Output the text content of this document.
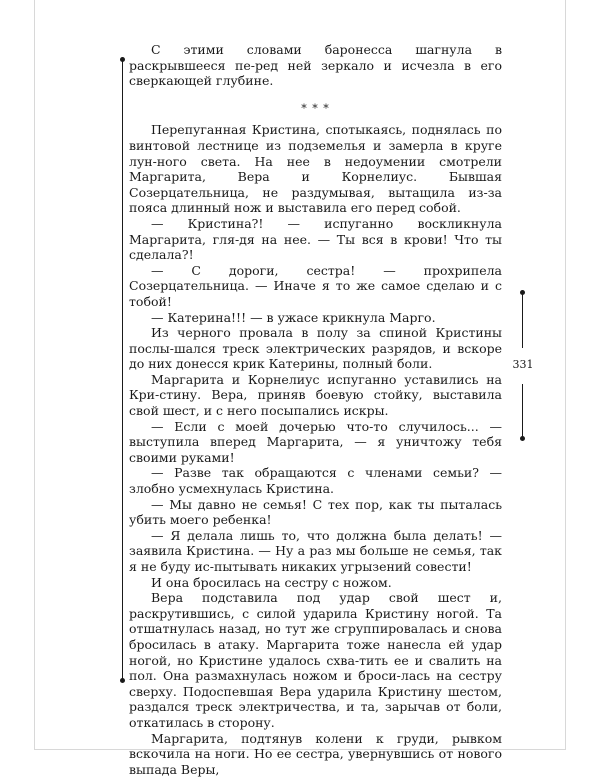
331

С этими словами баронесса шагнула в раскрывшееся пе-ред ней зеркало и исчезла в его сверкающей глубине.

* * *

Перепуганная Кристина, спотыкаясь, поднялась по винтовой лестнице из подземелья и замерла в круге лун-ного света. На нее в недоумении смотрели Маргарита, Вера и Корнелиус. Бывшая Созерцательница, не раздумывая, вытащила из-за пояса длинный нож и выставила его перед собой.

— Кристина?! — испуганно воскликнула Маргарита, гля-дя на нее. — Ты вся в крови! Что ты сделала?!

— С дороги, сестра! — прохрипела Созерцательница. — Иначе я то же самое сделаю и с тобой!

— Катерина!!! — в ужасе крикнула Марго.

Из черного провала в полу за спиной Кристины послы-шался треск электрических разрядов, и вскоре до них донесся крик Катерины, полный боли.

Маргарита и Корнелиус испуганно уставились на Кри-стину. Вера, приняв боевую стойку, выставила свой шест, и с него посыпались искры.

— Если с моей дочерью что-то случилось... — выступила вперед Маргарита, — я уничтожу тебя своими руками!

— Разве так обращаются с членами семьи? — злобно усмехнулась Кристина.

— Мы давно не семья! С тех пор, как ты пыталась убить моего ребенка!

— Я делала лишь то, что должна была делать! — заявила Кристина. — Ну а раз мы больше не семья, так я не буду ис-пытывать никаких угрызений совести!

И она бросилась на сестру с ножом.

Вера подставила под удар свой шест и, раскрутившись, с силой ударила Кристину ногой. Та отшатнулась назад, но тут же сгруппировалась и снова бросилась в атаку. Маргарита тоже нанесла ей удар ногой, но Кристине удалось схва-тить ее и свалить на пол. Она размахнулась ножом и броси-лась на сестру сверху. Подоспевшая Вера ударила Кристину шестом, раздался треск электричества, и та, зарычав от боли, откатилась в сторону.

Маргарита, подтянув колени к груди, рывком вскочила на ноги. Но ее сестра, увернувшись от нового выпада Веры,
